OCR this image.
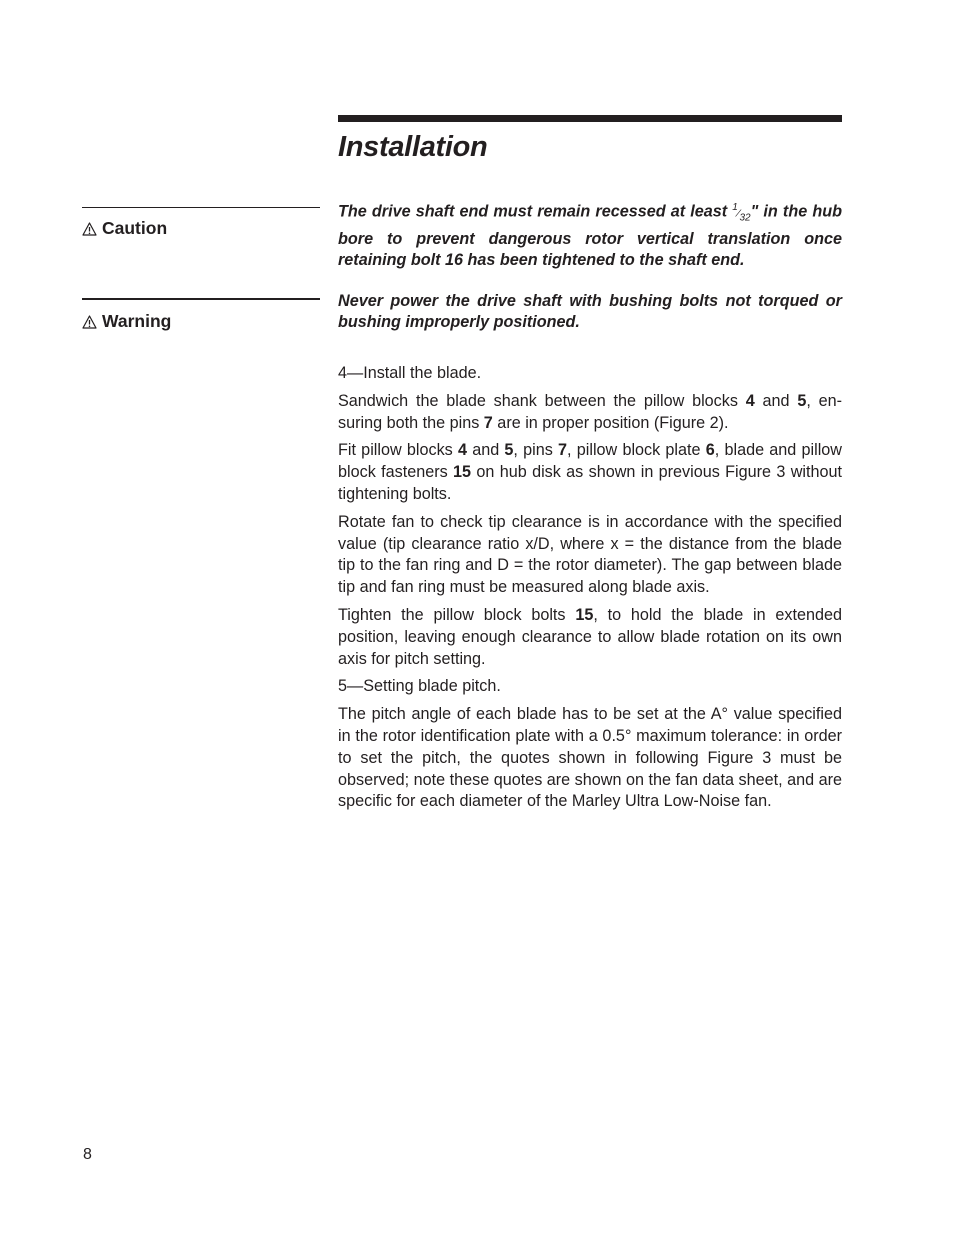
Installation
Caution

The drive shaft end must remain recessed at least $^1⁄_{32}$" in the hub bore to prevent dangerous rotor vertical translation once retaining bolt 16 has been tightened to the shaft end.

Warning

Never power the drive shaft with bushing bolts not torqued or bushing improperly positioned.

4—Install the blade.

Sandwich the blade shank between the pillow blocks 4 and 5, en-suring both the pins 7 are in proper position (Figure 2).

Fit pillow blocks 4 and 5, pins 7, pillow block plate 6, blade and pillow block fasteners 15 on hub disk as shown in previous Figure 3 without tightening bolts.

Rotate fan to check tip clearance is in accordance with the specified value (tip clearance ratio x/D, where x = the distance from the blade tip to the fan ring and D = the rotor diameter). The gap between blade tip and fan ring must be measured along blade axis.

Tighten the pillow block bolts 15, to hold the blade in extended position, leaving enough clearance to allow blade rotation on its own axis for pitch setting.

5—Setting blade pitch.

The pitch angle of each blade has to be set at the A° value specified in the rotor identification plate with a 0.5° maximum tolerance: in order to set the pitch, the quotes shown in following Figure 3 must be observed; note these quotes are shown on the fan data sheet, and are specific for each diameter of the Marley Ultra Low-Noise fan.

8
